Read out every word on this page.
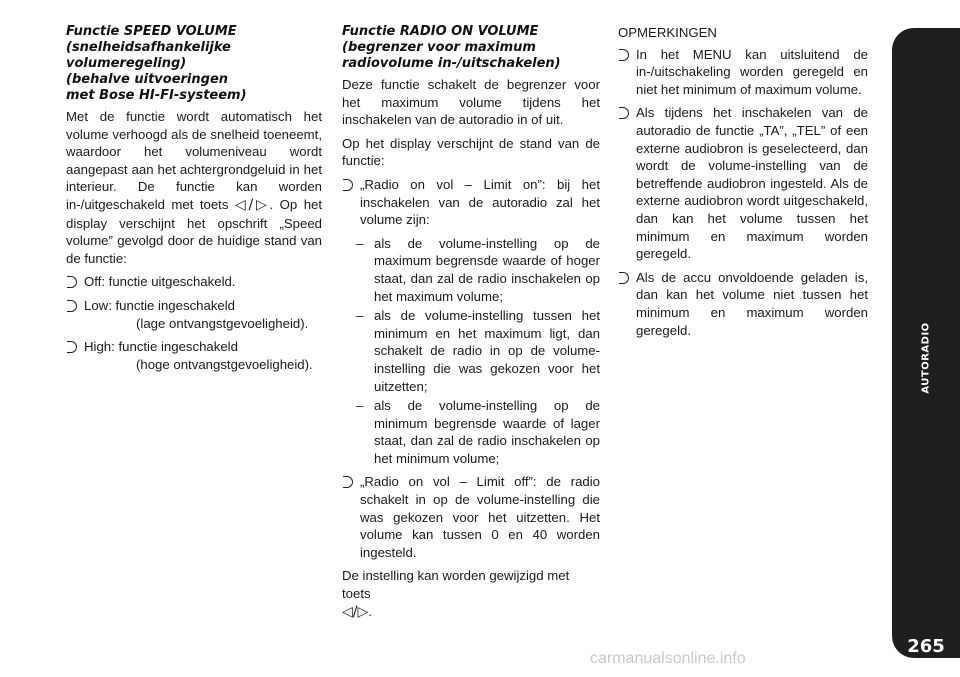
Functie SPEED VOLUME
(snelheidsafhankelijke
volumeregeling)
(behalve uitvoeringen
met Bose HI-FI-systeem)

Met de functie wordt automatisch het volume verhoogd als de snelheid toeneemt, waardoor het volumeniveau wordt aangepast aan het achtergrondgeluid in het interieur. De functie kan worden in-/uitgeschakeld met toets ◁/▷. Op het display verschijnt het opschrift „Speed volume” gevolgd door de huidige stand van de functie:

Off: functie uitgeschakeld.
Low: functie ingeschakeld
(lage ontvangstgevoeligheid).
High: functie ingeschakeld
(hoge ontvangstgevoeligheid).
Functie RADIO ON VOLUME
(begrenzer voor maximum
radiovolume in-/uitschakelen)

Deze functie schakelt de begrenzer voor het maximum volume tijdens het inschakelen van de autoradio in of uit.

Op het display verschijnt de stand van de functie:

„Radio on vol – Limit on”: bij het inschakelen van de autoradio zal het volume zijn:
– als de volume-instelling op de maximum begrensde waarde of hoger staat, dan zal de radio inschakelen op het maximum volume;
– als de volume-instelling tussen het minimum en het maximum ligt, dan schakelt de radio in op de volume-instelling die was gekozen voor het uitzetten;
– als de volume-instelling op de minimum begrensde waarde of lager staat, dan zal de radio inschakelen op het minimum volume;
„Radio on vol – Limit off”: de radio schakelt in op de volume-instelling die was gekozen voor het uitzetten. Het volume kan tussen 0 en 40 worden ingesteld.

De instelling kan worden gewijzigd met toets
◁/▷.

OPMERKINGEN

In het MENU kan uitsluitend de in-/uitschakeling worden geregeld en niet het minimum of maximum volume.
Als tijdens het inschakelen van de autoradio de functie „TA”, „TEL” of een externe audiobron is geselecteerd, dan wordt de volume-instelling van de betreffende audiobron ingesteld. Als de externe audiobron wordt uitgeschakeld, dan kan het volume tussen het minimum en maximum worden geregeld.
Als de accu onvoldoende geladen is, dan kan het volume niet tussen het minimum en maximum worden geregeld.	AUTORADIO
265
carmanualsonline.info
